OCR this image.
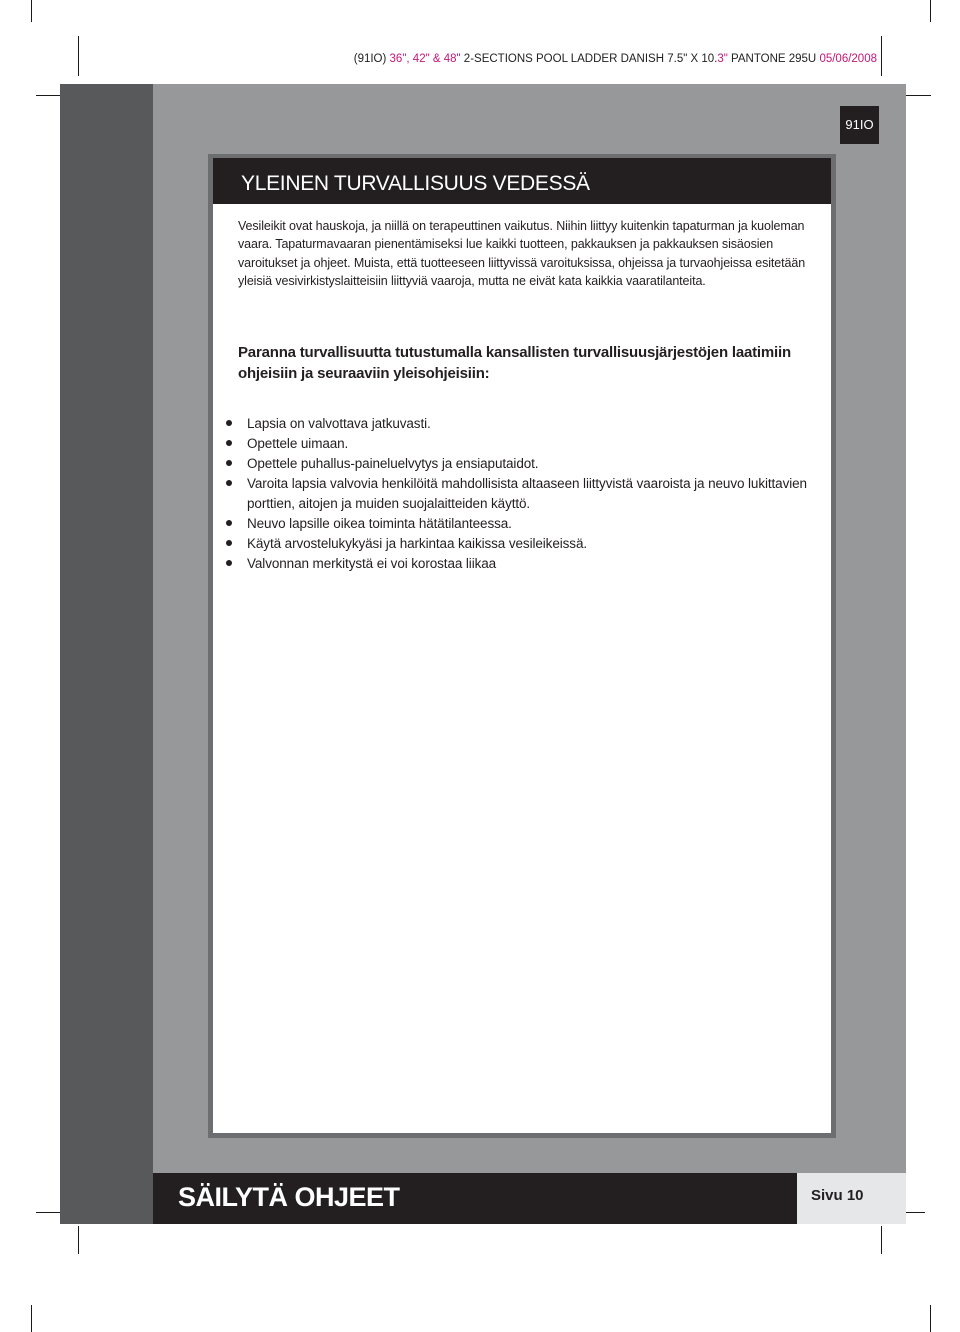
(91IO) 36", 42" & 48" 2-SECTIONS POOL LADDER DANISH 7.5" X 10.3" PANTONE 295U 05/06/2008
91IO
SÄILYTÄ OHJEET	Sivu 10
YLEINEN TURVALLISUUS VEDESSÄ

Vesileikit ovat hauskoja, ja niillä on terapeuttinen vaikutus. Niihin liittyy kuitenkin tapaturman ja kuoleman vaara. Tapaturmavaaran pienentämiseksi lue kaikki tuotteen, pakkauksen ja pakkauksen sisäosien varoitukset ja ohjeet. Muista, että tuotteeseen liittyvissä varoituksissa, ohjeissa ja turvaohjeissa esitetään yleisiä vesivirkistyslaitteisiin liittyviä vaaroja, mutta ne eivät kata kaikkia vaaratilanteita.

Paranna turvallisuutta tutustumalla kansallisten turvallisuusjärjestöjen laatimiin ohjeisiin ja seuraaviin yleisohjeisiin:

Lapsia on valvottava jatkuvasti.
Opettele uimaan.
Opettele puhallus-paineluelvytys ja ensiaputaidot.
Varoita lapsia valvovia henkilöitä mahdollisista altaaseen liittyvistä vaaroista ja neuvo lukittavien porttien, aitojen ja muiden suojalaitteiden käyttö.
Neuvo lapsille oikea toiminta hätätilanteessa.
Käytä arvostelukykyäsi ja harkintaa kaikissa vesileikeissä.
Valvonnan merkitystä ei voi korostaa liikaa
